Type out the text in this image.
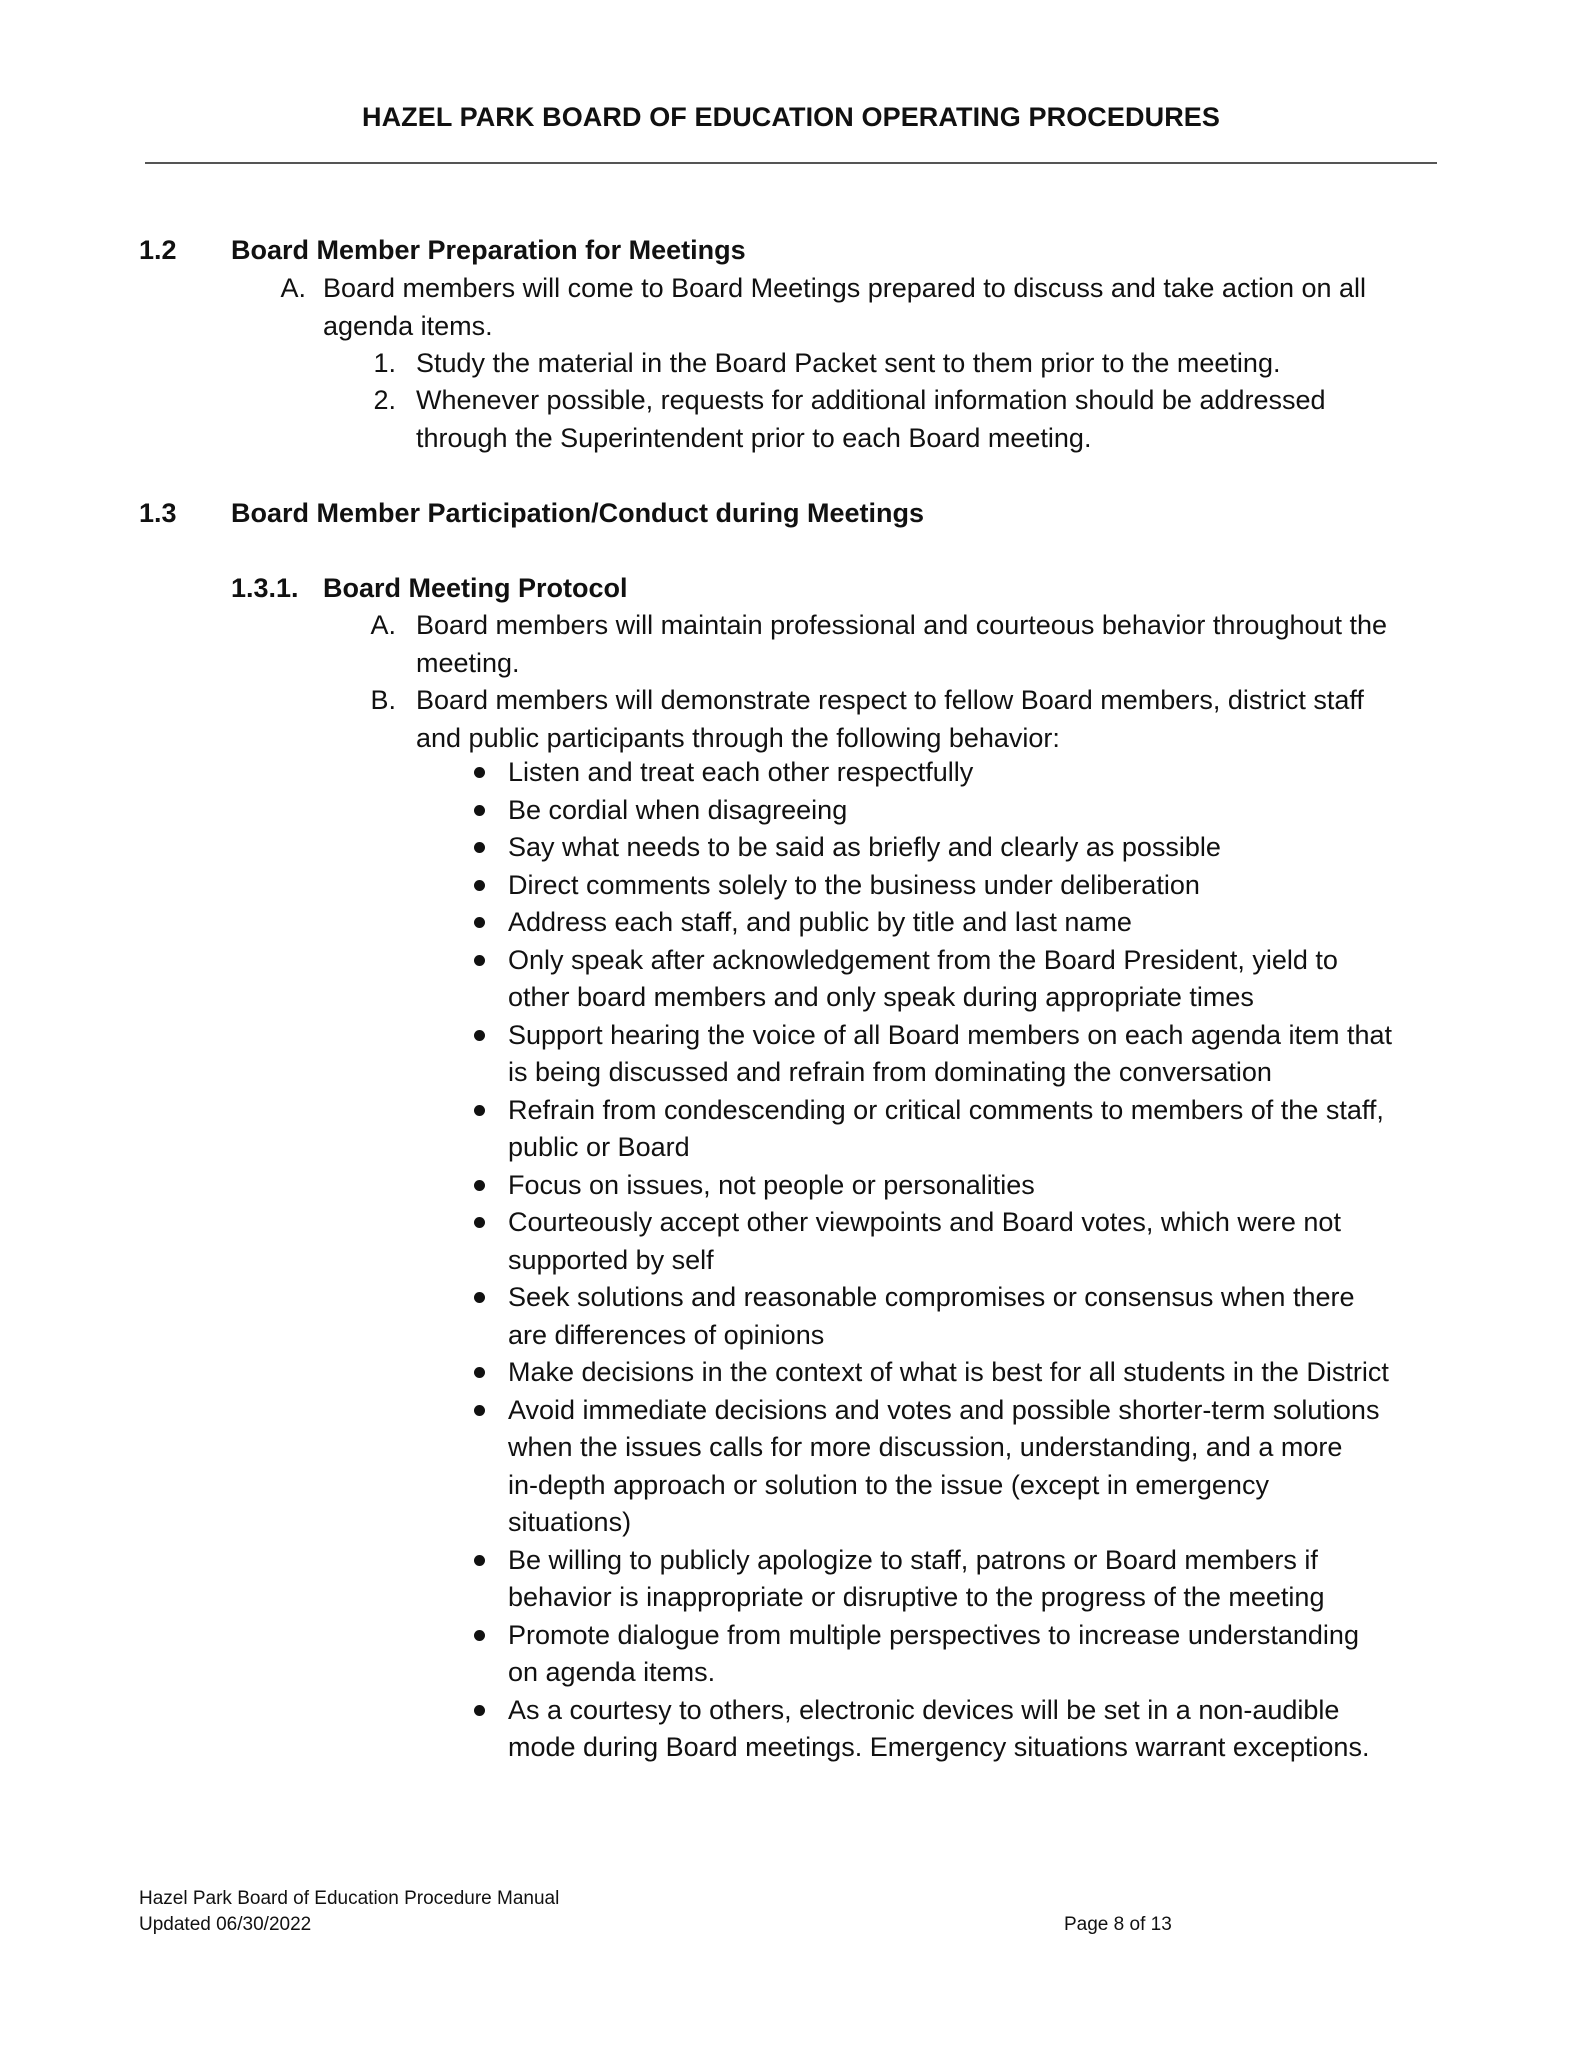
HAZEL PARK BOARD OF EDUCATION OPERATING PROCEDURES
1.2 Board Member Preparation for Meetings
A. Board members will come to Board Meetings prepared to discuss and take action on all
agenda items.
1. Study the material in the Board Packet sent to them prior to the meeting.
2. Whenever possible, requests for additional information should be addressed
through the Superintendent prior to each Board meeting.
1.3 Board Member Participation/Conduct during Meetings
1.3.1. Board Meeting Protocol
A. Board members will maintain professional and courteous behavior throughout the
meeting.
B. Board members will demonstrate respect to fellow Board members, district staff
and public participants through the following behavior:
Listen and treat each other respectfully
Be cordial when disagreeing
Say what needs to be said as briefly and clearly as possible
Direct comments solely to the business under deliberation
Address each staff, and public by title and last name
Only speak after acknowledgement from the Board President, yield to
other board members and only speak during appropriate times
Support hearing the voice of all Board members on each agenda item that
is being discussed and refrain from dominating the conversation
Refrain from condescending or critical comments to members of the staff,
public or Board
Focus on issues, not people or personalities
Courteously accept other viewpoints and Board votes, which were not
supported by self
Seek solutions and reasonable compromises or consensus when there
are differences of opinions
Make decisions in the context of what is best for all students in the District
Avoid immediate decisions and votes and possible shorter-term solutions
when the issues calls for more discussion, understanding, and a more
in-depth approach or solution to the issue (except in emergency
situations)
Be willing to publicly apologize to staff, patrons or Board members if
behavior is inappropriate or disruptive to the progress of the meeting
Promote dialogue from multiple perspectives to increase understanding
on agenda items.
As a courtesy to others, electronic devices will be set in a non-audible
mode during Board meetings. Emergency situations warrant exceptions.
Hazel Park Board of Education Procedure Manual
Updated 06/30/2022	Page 8 of 13
